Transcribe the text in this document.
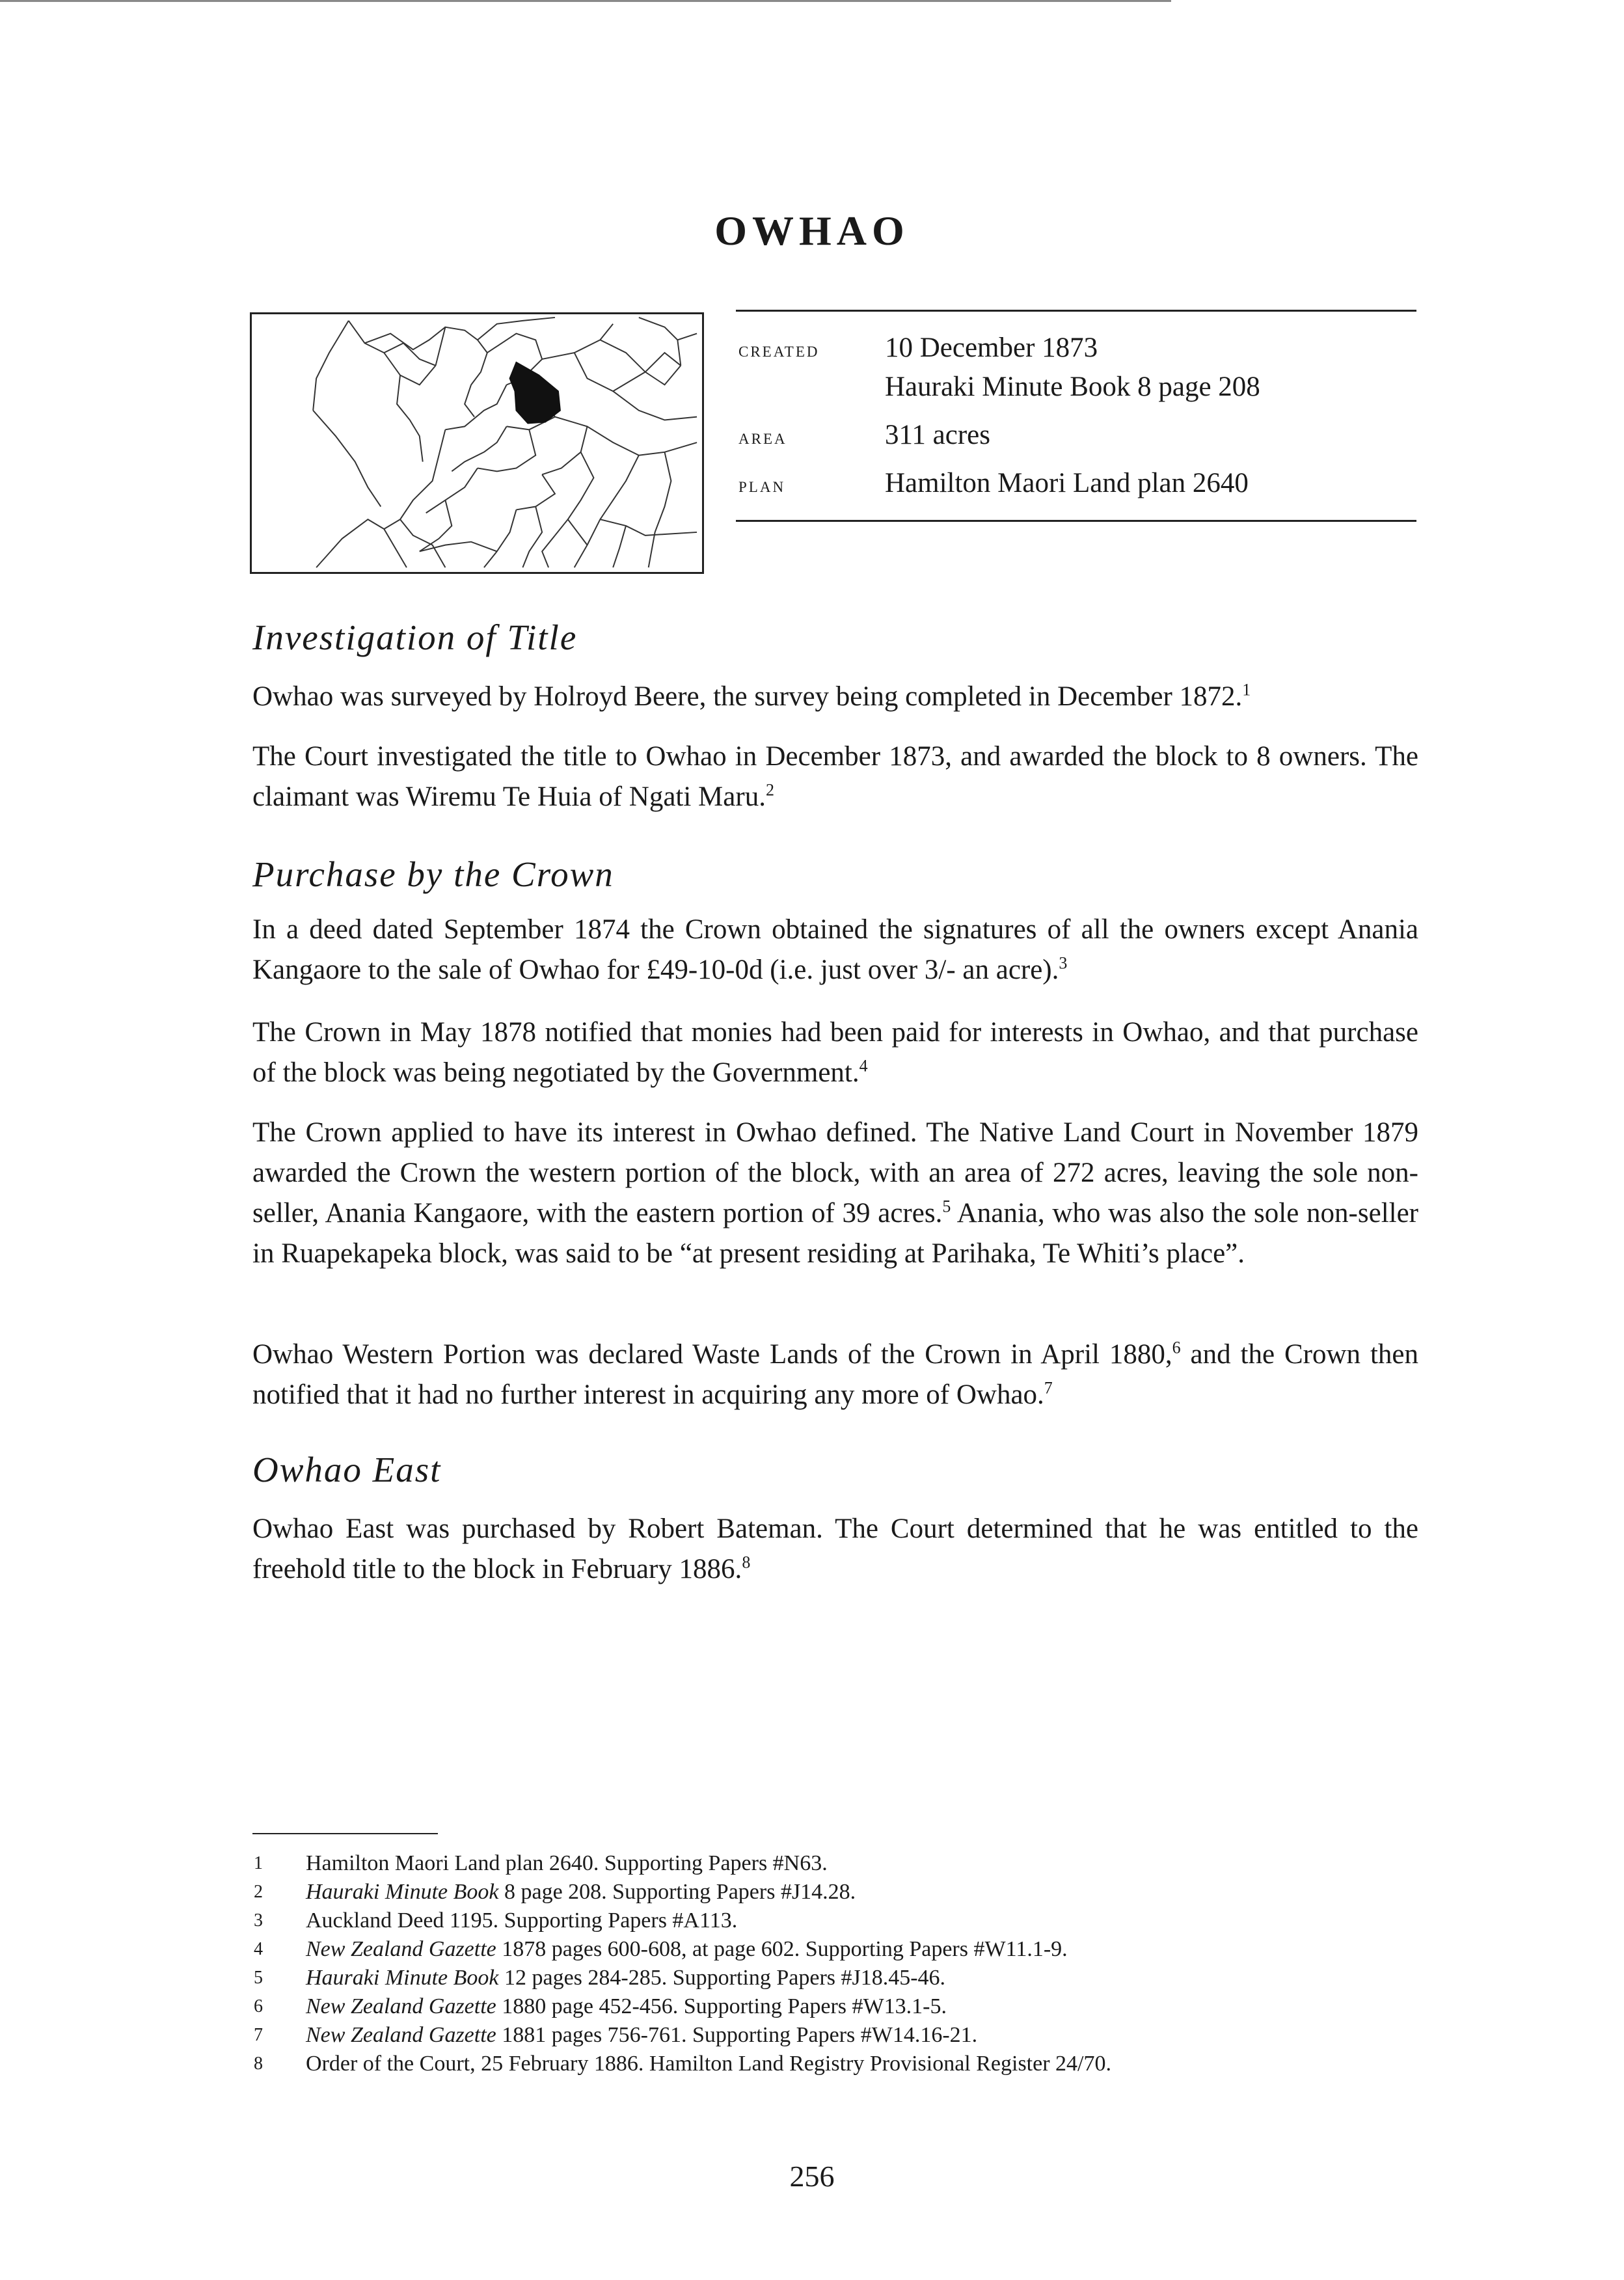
OWHAO
created	10 December 1873
Hauraki Minute Book 8 page 208
area	311 acres
plan	Hamilton Maori Land plan 2640
Investigation of Title
Owhao was surveyed by Holroyd Beere, the survey being completed in December 1872.$^1$
The Court investigated the title to Owhao in December 1873, and awarded the block to 8 owners. The claimant was Wiremu Te Huia of Ngati Maru.$^2$
Purchase by the Crown
In a deed dated September 1874 the Crown obtained the signatures of all the owners except Anania Kangaore to the sale of Owhao for £49-10-0d (i.e. just over 3/- an acre).$^3$
The Crown in May 1878 notified that monies had been paid for interests in Owhao, and that purchase of the block was being negotiated by the Government.$^4$
The Crown applied to have its interest in Owhao defined. The Native Land Court in November 1879 awarded the Crown the western portion of the block, with an area of 272 acres, leaving the sole non-seller, Anania Kangaore, with the eastern portion of 39 acres.$^5$ Anania, who was also the sole non-seller in Ruapekapeka block, was said to be “at present residing at Parihaka, Te Whiti’s place”.
Owhao Western Portion was declared Waste Lands of the Crown in April 1880,$^6$ and the Crown then notified that it had no further interest in acquiring any more of Owhao.$^7$
Owhao East
Owhao East was purchased by Robert Bateman. The Court determined that he was entitled to the freehold title to the block in February 1886.$^8$
1	Hamilton Maori Land plan 2640. Supporting Papers #N63.
2	Hauraki Minute Book 8 page 208. Supporting Papers #J14.28.
3	Auckland Deed 1195. Supporting Papers #A113.
4	New Zealand Gazette 1878 pages 600-608, at page 602. Supporting Papers #W11.1-9.
5	Hauraki Minute Book 12 pages 284-285. Supporting Papers #J18.45-46.
6	New Zealand Gazette 1880 page 452-456. Supporting Papers #W13.1-5.
7	New Zealand Gazette 1881 pages 756-761. Supporting Papers #W14.16-21.
8	Order of the Court, 25 February 1886. Hamilton Land Registry Provisional Register 24/70.
256
